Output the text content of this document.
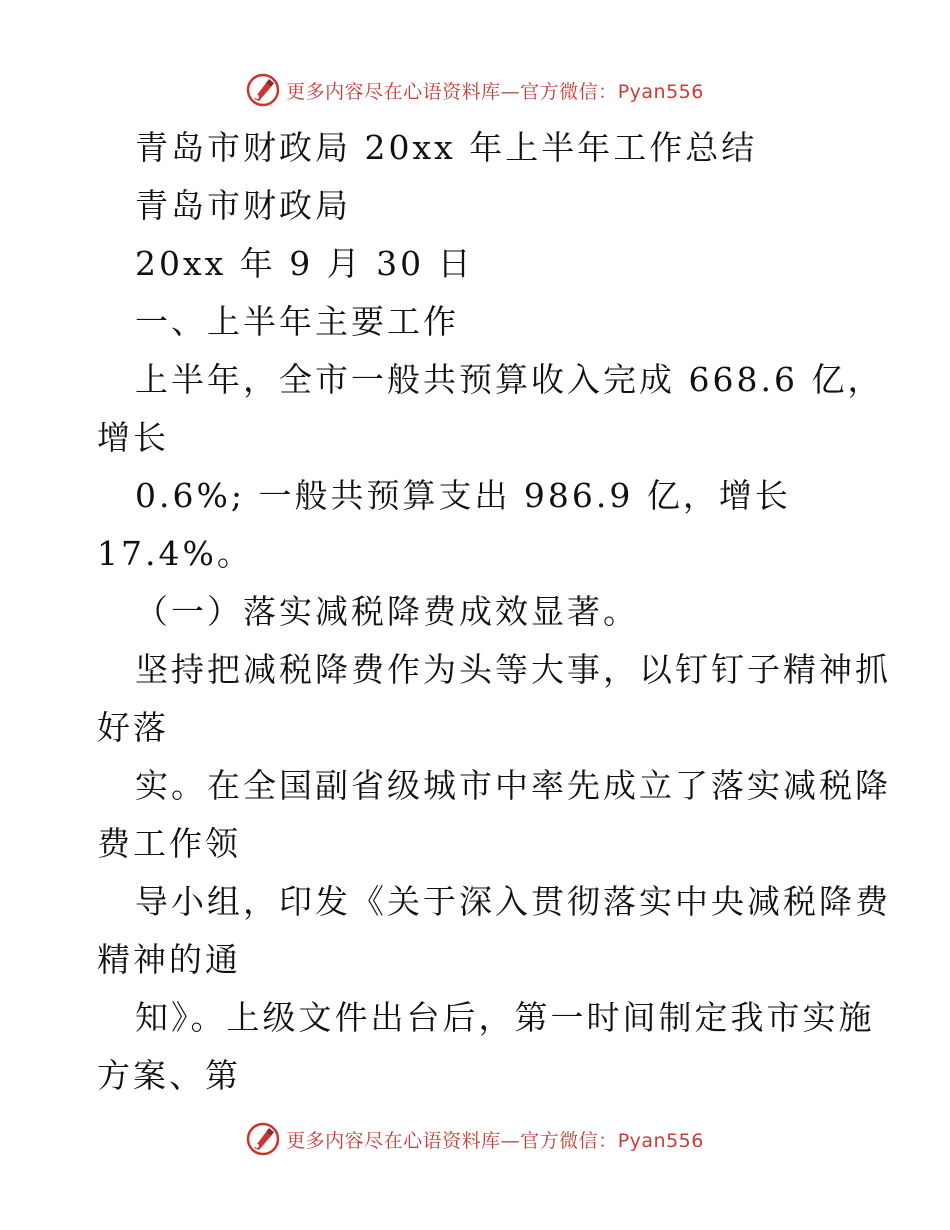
更多内容尽在心语资料库—官方微信：Pyan556
青岛市财政局 20xx 年上半年工作总结
青岛市财政局
20xx 年 9 月 30 日
一、上半年主要工作
上半年，全市一般共预算收入完成 668.6 亿，
增长
0.6%; 一般共预算支出 986.9 亿，增长
17.4%。
（一）落实减税降费成效显著。
坚持把减税降费作为头等大事，以钉钉子精神抓
好落
实。在全国副省级城市中率先成立了落实减税降
费工作领
导小组，印发《关于深入贯彻落实中央减税降费
精神的通
知》。上级文件出台后，第一时间制定我市实施
方案、第
更多内容尽在心语资料库—官方微信：Pyan556
